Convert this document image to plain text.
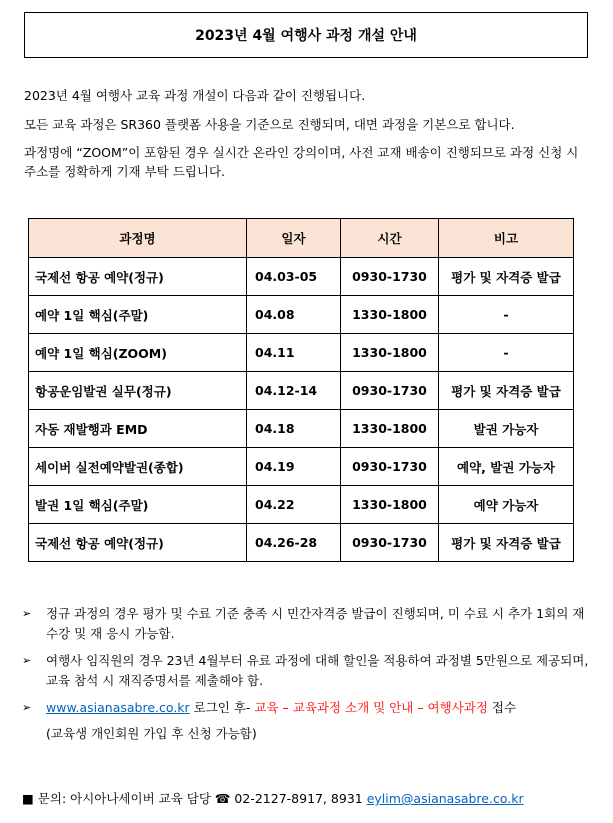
2023년 4월 여행사 과정 개설 안내

2023년 4월 여행사 교육 과정 개설이 다음과 같이 진행됩니다.

모든 교육 과정은 SR360 플랫폼 사용을 기준으로 진행되며, 대면 과정을 기본으로 합니다.

과정명에 “ZOOM”이 포함된 경우 실시간 온라인 강의이며, 사전 교재 배송이 진행되므로 과정 신청 시 주소를 정확하게 기재 부탁 드립니다.

과정명	일자	시간	비고
국제선 항공 예약(정규)	04.03-05	0930-1730	평가 및 자격증 발급
예약 1일 핵심(주말)	04.08	1330-1800	-
예약 1일 핵심(ZOOM)	04.11	1330-1800	-
항공운임발권 실무(정규)	04.12-14	0930-1730	평가 및 자격증 발급
자동 재발행과 EMD	04.18	1330-1800	발권 가능자
세이버 실전예약발권(종합)	04.19	0930-1730	예약, 발권 가능자
발권 1일 핵심(주말)	04.22	1330-1800	예약 가능자
국제선 항공 예약(정규)	04.26-28	0930-1730	평가 및 자격증 발급
➢ 정규 과정의 경우 평가 및 수료 기준 충족 시 민간자격증 발급이 진행되며, 미 수료 시 추가 1회의 재 수강 및 재 응시 가능함.
➢ 여행사 임직원의 경우 23년 4월부터 유료 과정에 대해 할인을 적용하여 과정별 5만원으로 제공되며, 교육 참석 시 재직증명서를 제출해야 함.
➢ www.asianasabre.co.kr 로그인 후- 교육 – 교육과정 소개 및 안내 – 여행사과정 접수
(교육생 개인회원 가입 후 신청 가능함)
■ 문의: 아시아나세이버 교육 담당 ☎ 02-2127-8917, 8931 eylim@asianasabre.co.kr
